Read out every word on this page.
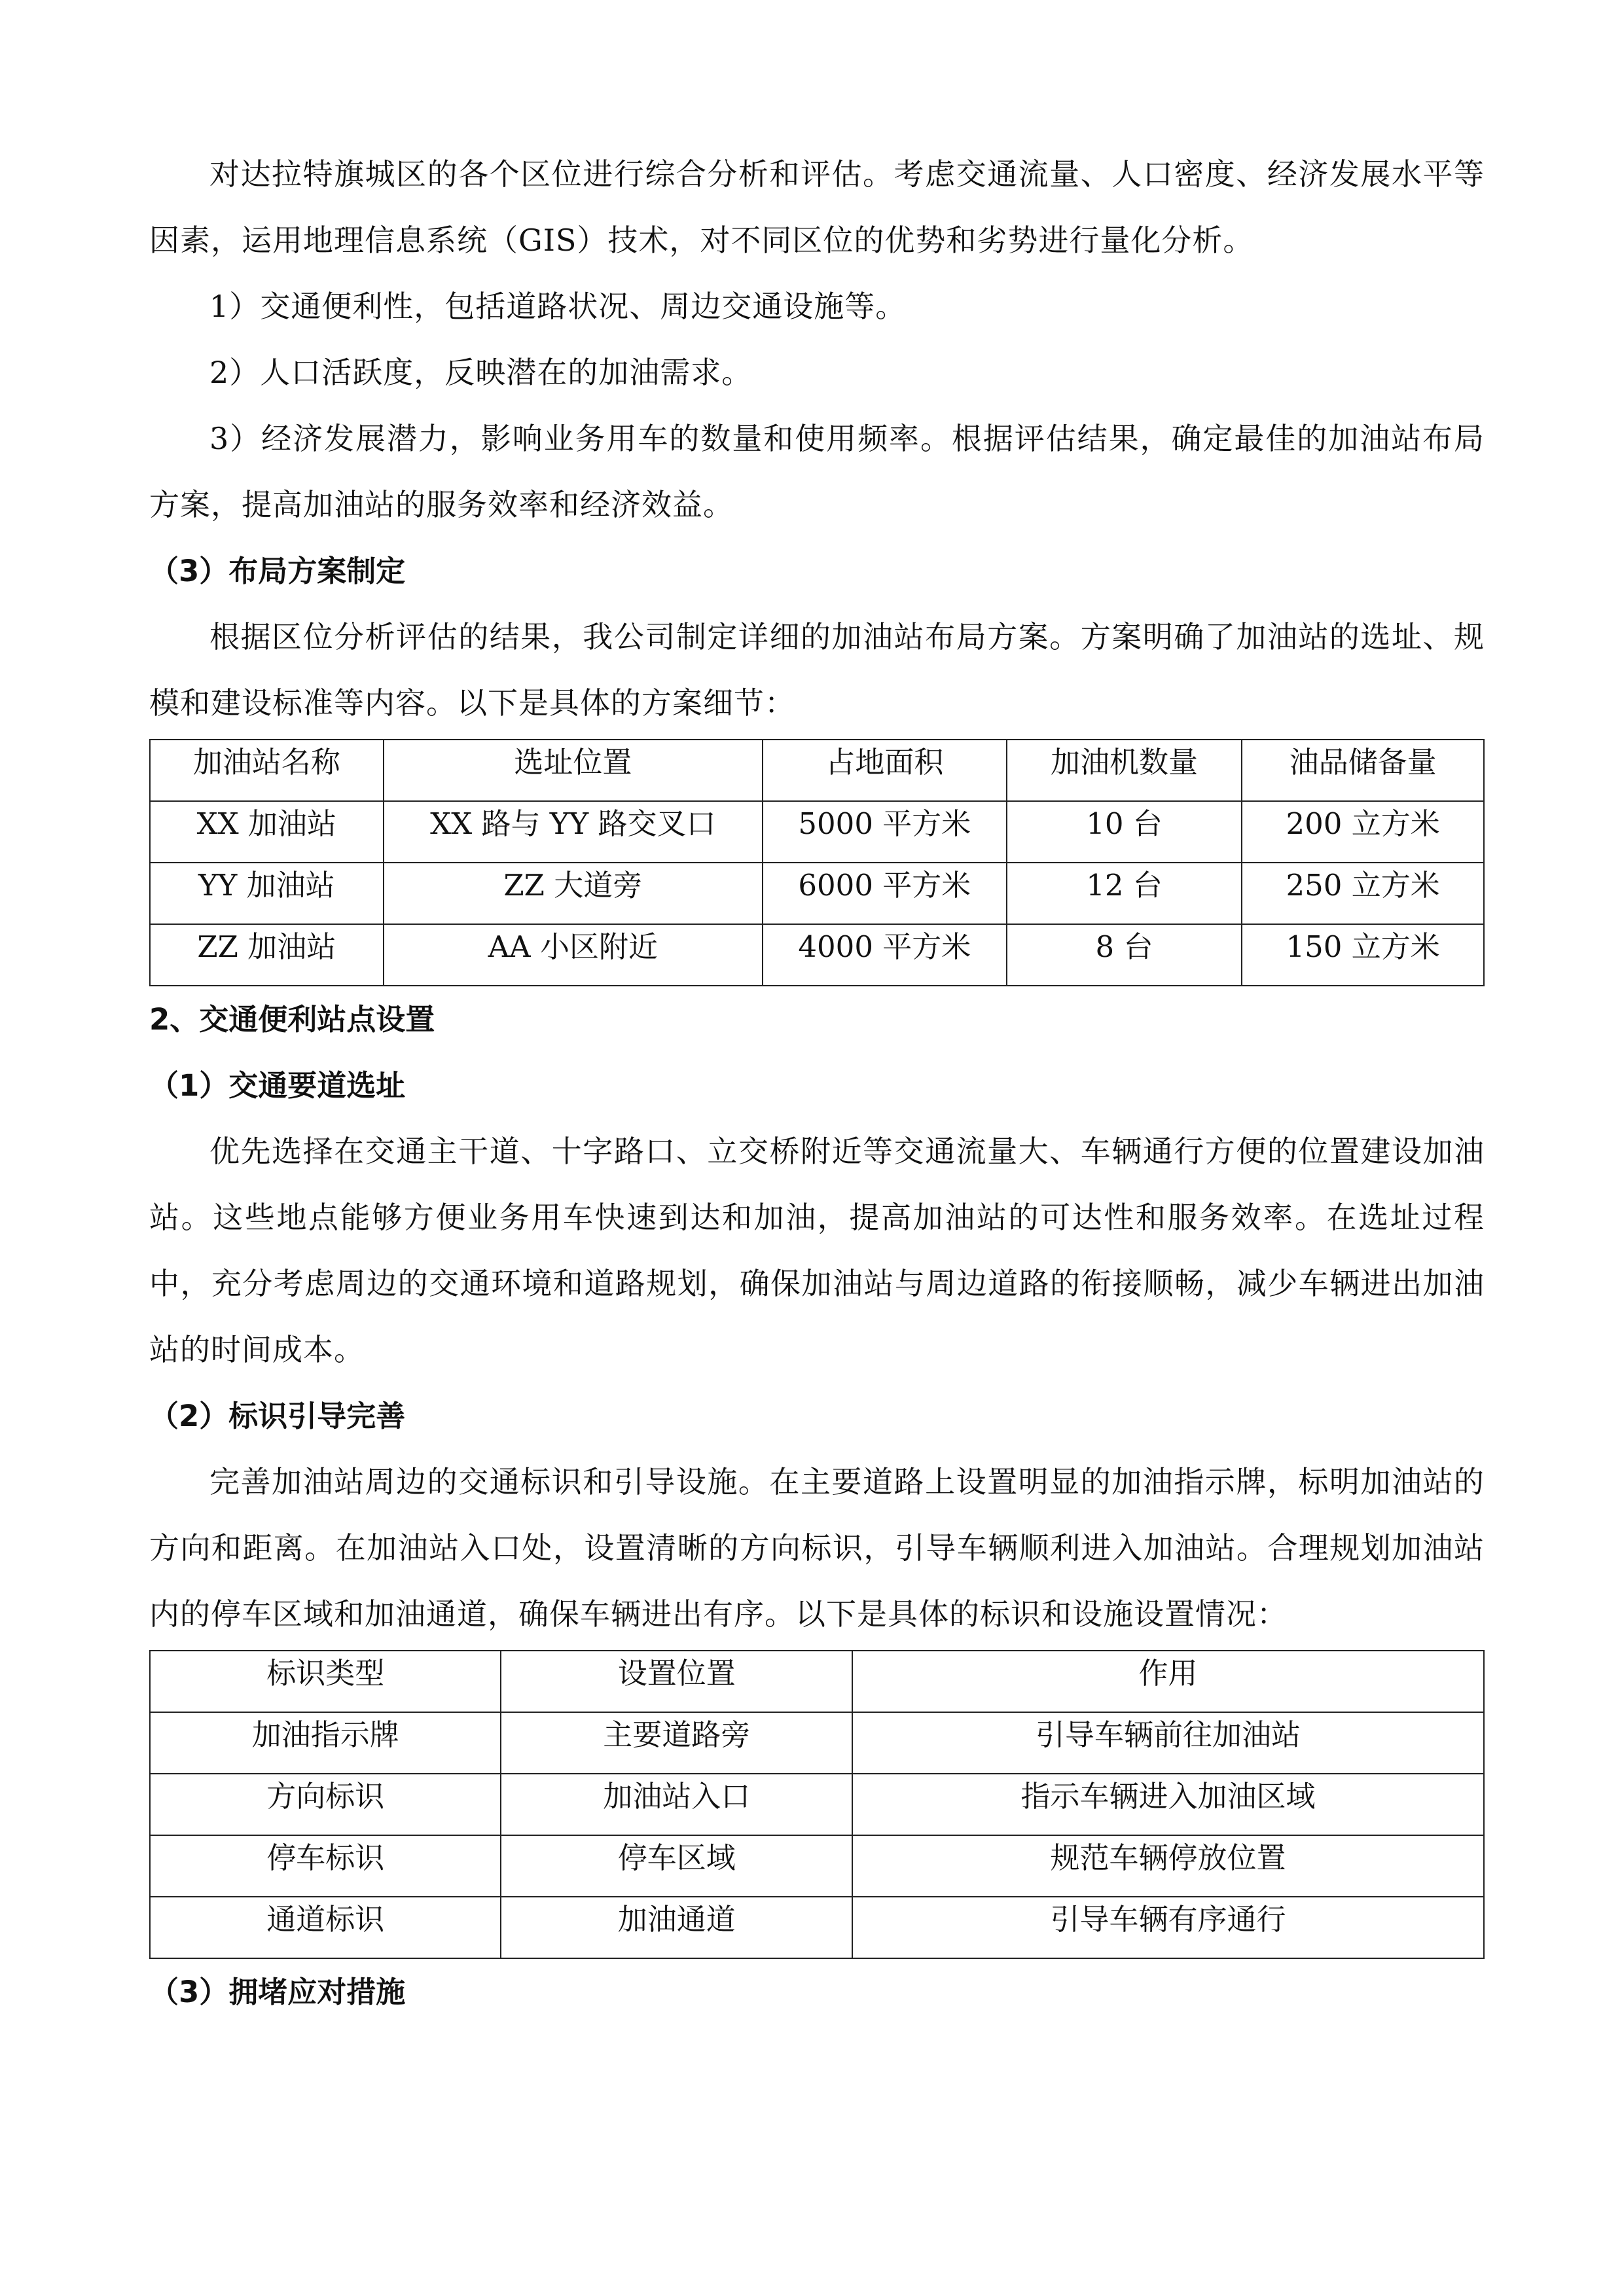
对达拉特旗城区的各个区位进行综合分析和评估。考虑交通流量、人口密度、经济发展水平等因素，运用地理信息系统（GIS）技术，对不同区位的优势和劣势进行量化分析。

1）交通便利性，包括道路状况、周边交通设施等。

2）人口活跃度，反映潜在的加油需求。

3）经济发展潜力，影响业务用车的数量和使用频率。根据评估结果，确定最佳的加油站布局方案，提高加油站的服务效率和经济效益。

（3）布局方案制定

根据区位分析评估的结果，我公司制定详细的加油站布局方案。方案明确了加油站的选址、规模和建设标准等内容。以下是具体的方案细节：

加油站名称	选址位置	占地面积	加油机数量	油品储备量
XX 加油站	XX 路与 YY 路交叉口	5000 平方米	10 台	200 立方米
YY 加油站	ZZ 大道旁	6000 平方米	12 台	250 立方米
ZZ 加油站	AA 小区附近	4000 平方米	8 台	150 立方米

2、交通便利站点设置

（1）交通要道选址

优先选择在交通主干道、十字路口、立交桥附近等交通流量大、车辆通行方便的位置建设加油站。这些地点能够方便业务用车快速到达和加油，提高加油站的可达性和服务效率。在选址过程中，充分考虑周边的交通环境和道路规划，确保加油站与周边道路的衔接顺畅，减少车辆进出加油站的时间成本。

（2）标识引导完善

完善加油站周边的交通标识和引导设施。在主要道路上设置明显的加油指示牌，标明加油站的方向和距离。在加油站入口处，设置清晰的方向标识，引导车辆顺利进入加油站。合理规划加油站内的停车区域和加油通道，确保车辆进出有序。以下是具体的标识和设施设置情况：

标识类型	设置位置	作用
加油指示牌	主要道路旁	引导车辆前往加油站
方向标识	加油站入口	指示车辆进入加油区域
停车标识	停车区域	规范车辆停放位置
通道标识	加油通道	引导车辆有序通行

（3）拥堵应对措施
